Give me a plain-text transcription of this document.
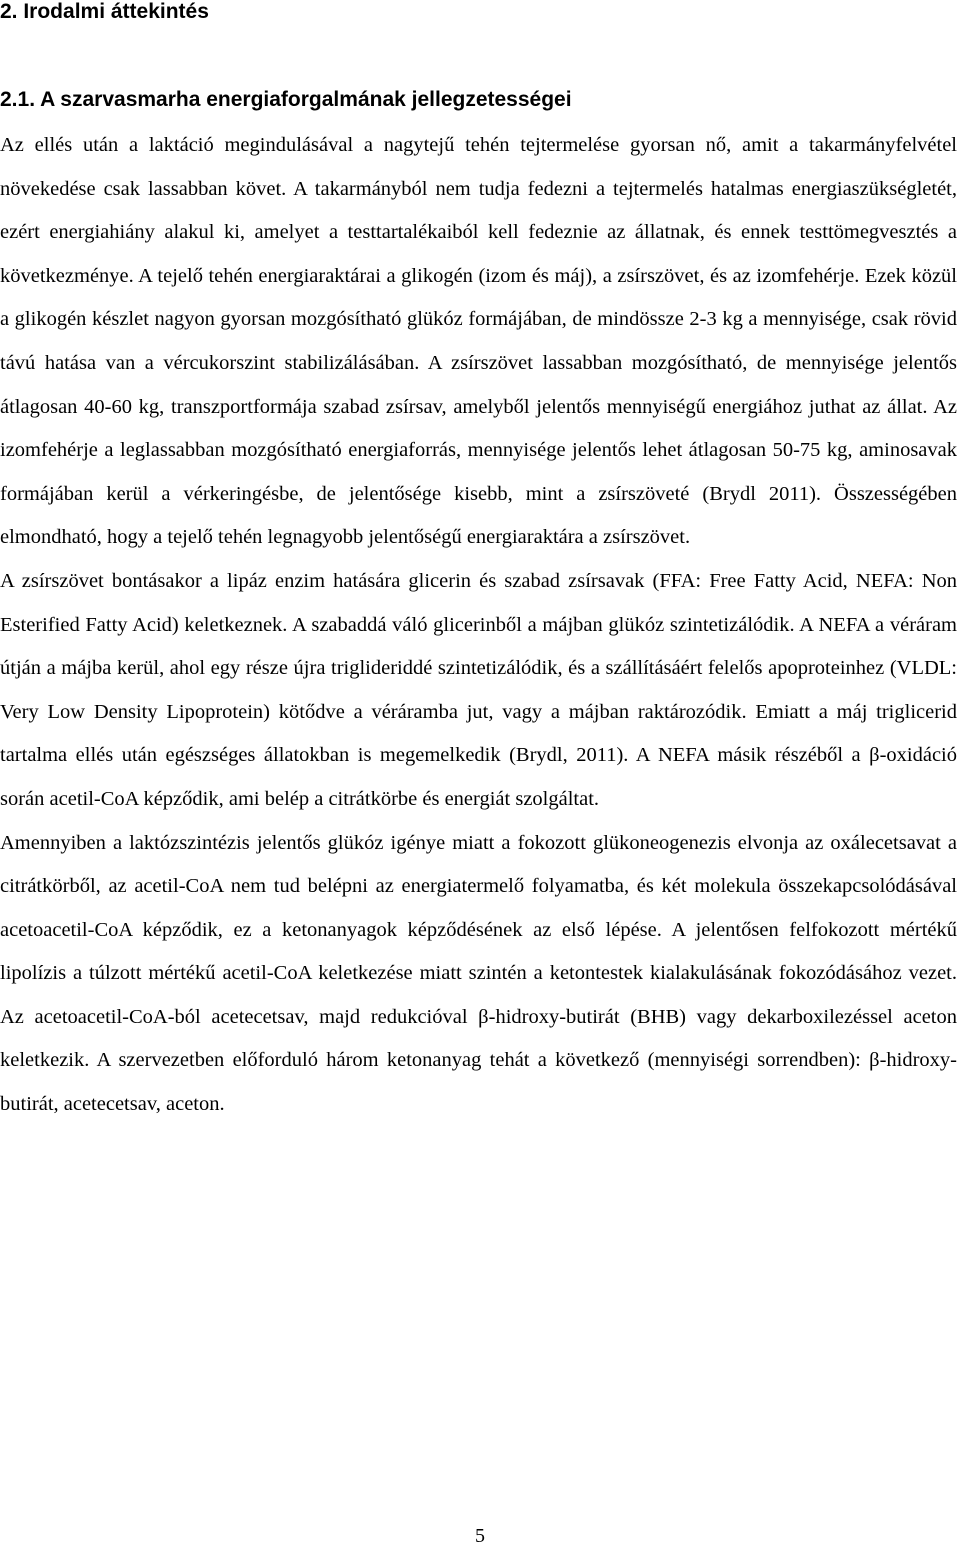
2. Irodalmi áttekintés
2.1. A szarvasmarha energiaforgalmának jellegzetességei

Az ellés után a laktáció megindulásával a nagytejű tehén tejtermelése gyorsan nő, amit a takarmányfelvétel növekedése csak lassabban követ. A takarmányból nem tudja fedezni a tejtermelés hatalmas energiaszükségletét, ezért energiahiány alakul ki, amelyet a testtartalékaiból kell fedeznie az állatnak, és ennek testtömegvesztés a következménye. A tejelő tehén energiaraktárai a glikogén (izom és máj), a zsírszövet, és az izomfehérje. Ezek közül a glikogén készlet nagyon gyorsan mozgósítható glükóz formájában, de mindössze 2-3 kg a mennyisége, csak rövid távú hatása van a vércukorszint stabilizálásában. A zsírszövet lassabban mozgósítható, de mennyisége jelentős átlagosan 40-60 kg, transzportformája szabad zsírsav, amelyből jelentős mennyiségű energiához juthat az állat. Az izomfehérje a leglassabban mozgósítható energiaforrás, mennyisége jelentős lehet átlagosan 50-75 kg, aminosavak formájában kerül a vérkeringésbe, de jelentősége kisebb, mint a zsírszöveté (Brydl 2011). Összességében elmondható, hogy a tejelő tehén legnagyobb jelentőségű energiaraktára a zsírszövet.

A zsírszövet bontásakor a lipáz enzim hatására glicerin és szabad zsírsavak (FFA: Free Fatty Acid, NEFA: Non Esterified Fatty Acid) keletkeznek. A szabaddá váló glicerinből a májban glükóz szintetizálódik. A NEFA a véráram útján a májba kerül, ahol egy része újra triglideriddé szintetizálódik, és a szállításáért felelős apoproteinhez (VLDL: Very Low Density Lipoprotein) kötődve a véráramba jut, vagy a májban raktározódik. Emiatt a máj triglicerid tartalma ellés után egészséges állatokban is megemelkedik (Brydl, 2011). A NEFA másik részéből a β-oxidáció során acetil-CoA képződik, ami belép a citrátkörbe és energiát szolgáltat.

Amennyiben a laktózszintézis jelentős glükóz igénye miatt a fokozott glükoneogenezis elvonja az oxálecetsavat a citrátkörből, az acetil-CoA nem tud belépni az energiatermelő folyamatba, és két molekula összekapcsolódásával acetoacetil-CoA képződik, ez a ketonanyagok képződésének az első lépése. A jelentősen felfokozott mértékű lipolízis a túlzott mértékű acetil-CoA keletkezése miatt szintén a ketontestek kialakulásának fokozódásához vezet. Az acetoacetil-CoA-ból acetecetsav, majd redukcióval β-hidroxy-butirát (BHB) vagy dekarboxilezéssel aceton keletkezik. A szervezetben előforduló három ketonanyag tehát a következő (mennyiségi sorrendben): β-hidroxy-butirát, acetecetsav, aceton.

5
